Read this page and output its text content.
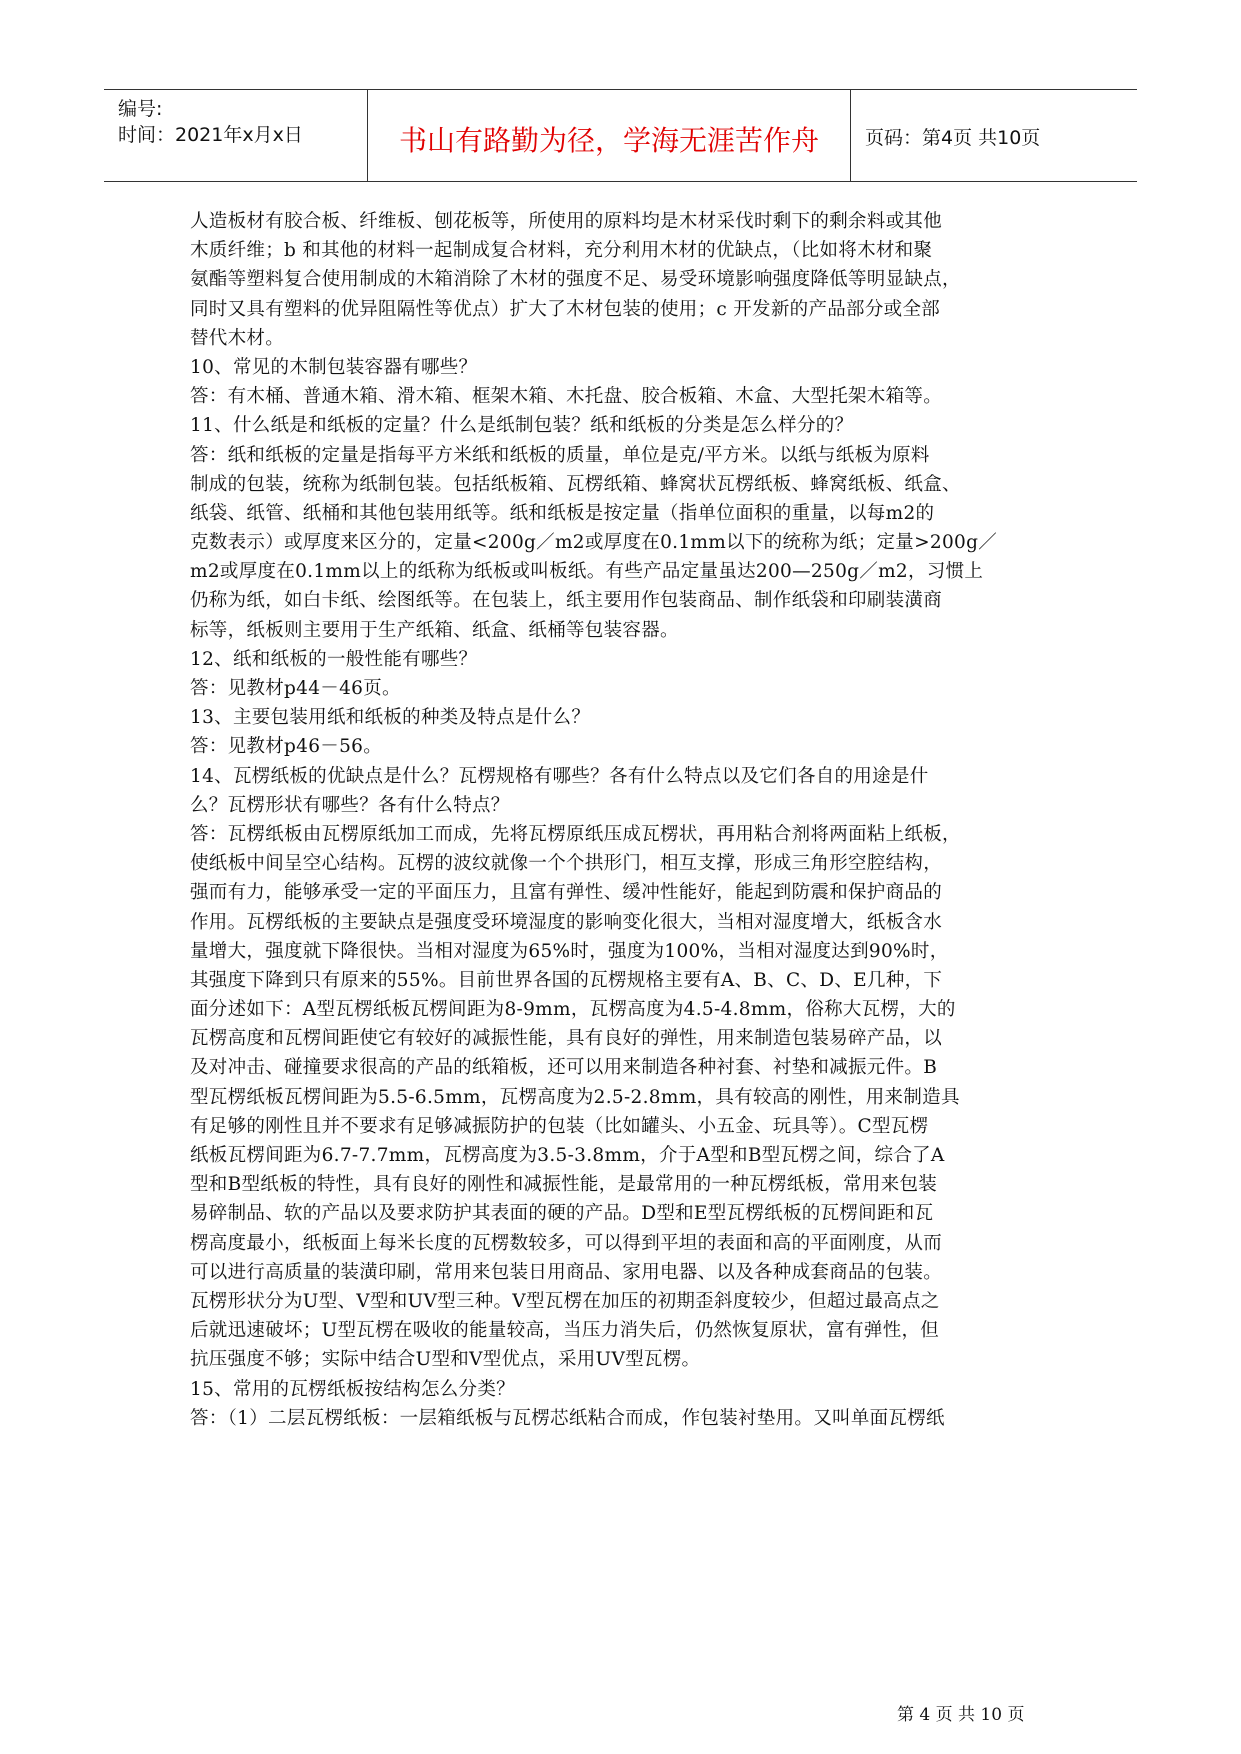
编号:
时间：2021年x月x日	书山有路勤为径，学海无涯苦作舟	页码：第4页 共10页
人造板材有胶合板、纤维板、刨花板等，所使用的原料均是木材采伐时剩下的剩余料或其他
木质纤维；b 和其他的材料一起制成复合材料，充分利用木材的优缺点，（比如将木材和聚
氨酯等塑料复合使用制成的木箱消除了木材的强度不足、易受环境影响强度降低等明显缺点，
同时又具有塑料的优异阻隔性等优点）扩大了木材包装的使用；c 开发新的产品部分或全部
替代木材。
10、常见的木制包装容器有哪些？
答：有木桶、普通木箱、滑木箱、框架木箱、木托盘、胶合板箱、木盒、大型托架木箱等。
11、什么纸是和纸板的定量？什么是纸制包装？纸和纸板的分类是怎么样分的？
答：纸和纸板的定量是指每平方米纸和纸板的质量，单位是克/平方米。以纸与纸板为原料
制成的包装，统称为纸制包装。包括纸板箱、瓦楞纸箱、蜂窝状瓦楞纸板、蜂窝纸板、纸盒、
纸袋、纸管、纸桶和其他包装用纸等。纸和纸板是按定量（指单位面积的重量，以每m2的
克数表示）或厚度来区分的，定量<200g／m2或厚度在0.1mm以下的统称为纸；定量>200g／
m2或厚度在0.1mm以上的纸称为纸板或叫板纸。有些产品定量虽达200—250g／m2，习惯上
仍称为纸，如白卡纸、绘图纸等。在包装上，纸主要用作包装商品、制作纸袋和印刷装潢商
标等，纸板则主要用于生产纸箱、纸盒、纸桶等包装容器。
12、纸和纸板的一般性能有哪些？
答：见教材p44－46页。
13、主要包装用纸和纸板的种类及特点是什么？
答：见教材p46－56。
14、瓦楞纸板的优缺点是什么？瓦楞规格有哪些？各有什么特点以及它们各自的用途是什
么？瓦楞形状有哪些？各有什么特点？
答：瓦楞纸板由瓦楞原纸加工而成，先将瓦楞原纸压成瓦楞状，再用粘合剂将两面粘上纸板，
使纸板中间呈空心结构。瓦楞的波纹就像一个个拱形门，相互支撑，形成三角形空腔结构，
强而有力，能够承受一定的平面压力，且富有弹性、缓冲性能好，能起到防震和保护商品的
作用。瓦楞纸板的主要缺点是强度受环境湿度的影响变化很大，当相对湿度增大，纸板含水
量增大，强度就下降很快。当相对湿度为65%时，强度为100%，当相对湿度达到90%时，
其强度下降到只有原来的55%。目前世界各国的瓦楞规格主要有A、B、C、D、E几种，下
面分述如下：A型瓦楞纸板瓦楞间距为8-9mm，瓦楞高度为4.5-4.8mm，俗称大瓦楞，大的
瓦楞高度和瓦楞间距使它有较好的减振性能，具有良好的弹性，用来制造包装易碎产品，以
及对冲击、碰撞要求很高的产品的纸箱板，还可以用来制造各种衬套、衬垫和减振元件。B
型瓦楞纸板瓦楞间距为5.5-6.5mm，瓦楞高度为2.5-2.8mm，具有较高的刚性，用来制造具
有足够的刚性且并不要求有足够减振防护的包装（比如罐头、小五金、玩具等）。C型瓦楞
纸板瓦楞间距为6.7-7.7mm，瓦楞高度为3.5-3.8mm，介于A型和B型瓦楞之间，综合了A
型和B型纸板的特性，具有良好的刚性和减振性能，是最常用的一种瓦楞纸板，常用来包装
易碎制品、软的产品以及要求防护其表面的硬的产品。D型和E型瓦楞纸板的瓦楞间距和瓦
楞高度最小，纸板面上每米长度的瓦楞数较多，可以得到平坦的表面和高的平面刚度，从而
可以进行高质量的装潢印刷，常用来包装日用商品、家用电器、以及各种成套商品的包装。
瓦楞形状分为U型、V型和UV型三种。V型瓦楞在加压的初期歪斜度较少，但超过最高点之
后就迅速破坏；U型瓦楞在吸收的能量较高，当压力消失后，仍然恢复原状，富有弹性，但
抗压强度不够；实际中结合U型和V型优点，采用UV型瓦楞。
15、常用的瓦楞纸板按结构怎么分类？
答：（1）二层瓦楞纸板：一层箱纸板与瓦楞芯纸粘合而成，作包装衬垫用。又叫单面瓦楞纸
第 4 页 共 10 页
